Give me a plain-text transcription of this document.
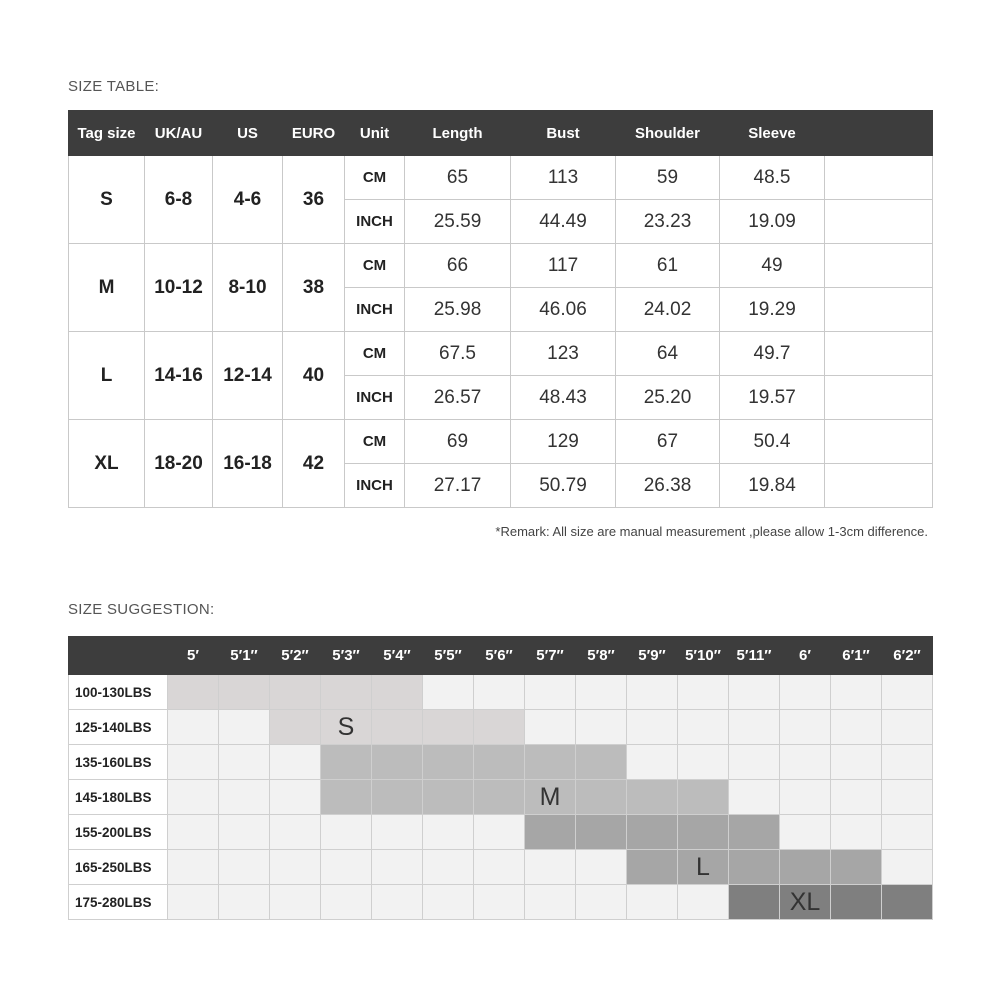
SIZE TABLE:
Tag size	UK/AU	US	EURO	Unit	Length	Bust	Shoulder	Sleeve	
S	6-8	4-6	36	CM	65	113	59	48.5	
				INCH	25.59	44.49	23.23	19.09	
M	10-12	8-10	38	CM	66	117	61	49	
				INCH	25.98	46.06	24.02	19.29	
L	14-16	12-14	40	CM	67.5	123	64	49.7	
				INCH	26.57	48.43	25.20	19.57	
XL	18-20	16-18	42	CM	69	129	67	50.4	
				INCH	27.17	50.79	26.38	19.84	
*Remark: All size are manual measurement ,please allow 1-3cm difference.
SIZE SUGGESTION:
	5′	5′1″	5′2″	5′3″	5′4″	5′5″	5′6″	5′7″	5′8″	5′9″	5′10″	5′11″	6′	6′1″	6′2″
100-130LBS															
125-140LBS				S											

135-160LBS															
145-180LBS								M							

155-200LBS															
165-250LBS											L				

175-280LBS													XL		
